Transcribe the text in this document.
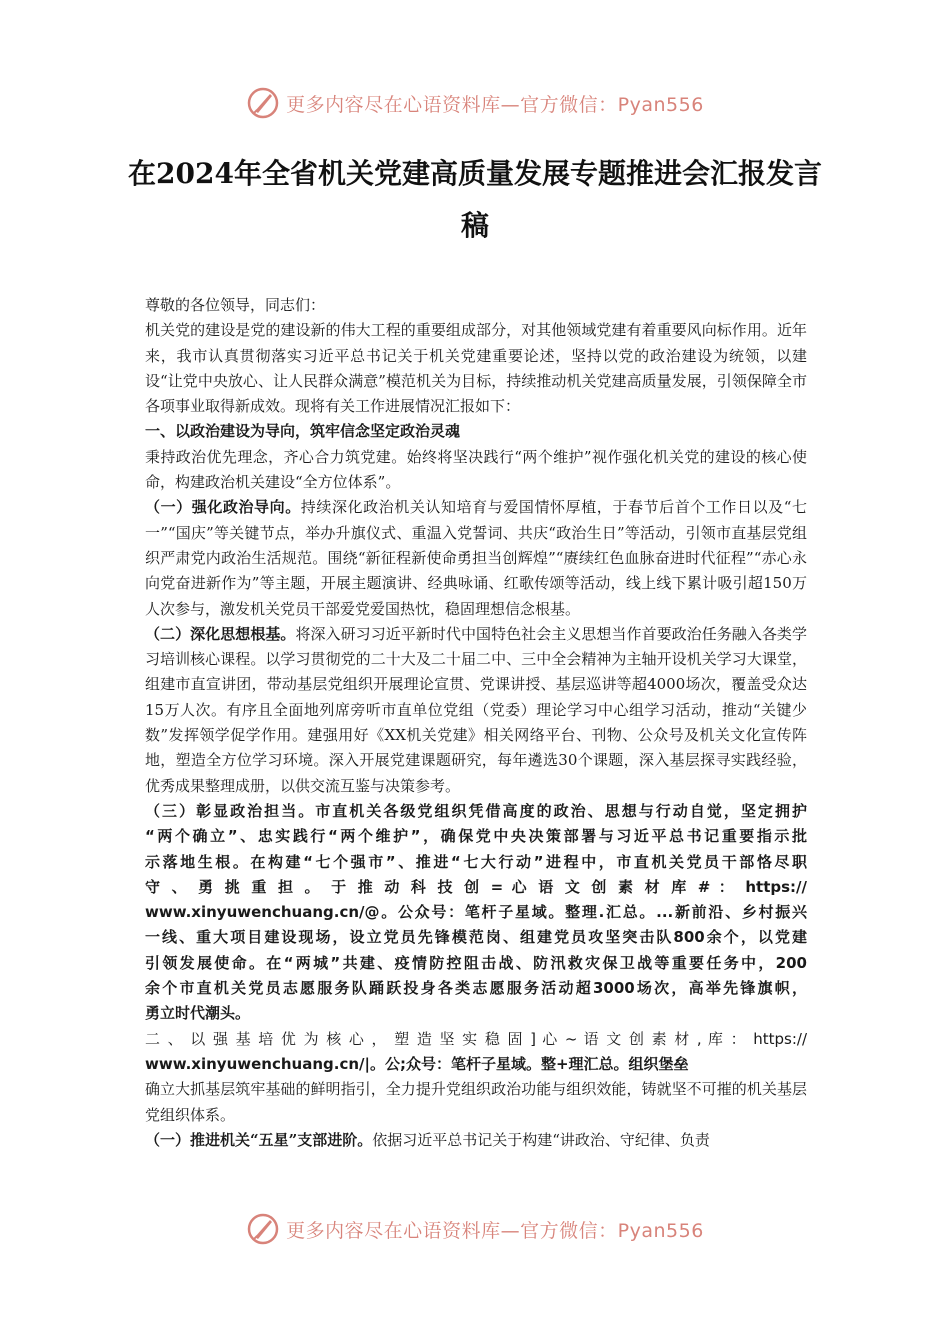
更多内容尽在心语资料库—官方微信：Pyan556
在2024年全省机关党建高质量发展专题推进会汇报发言稿

尊敬的各位领导，同志们：

机关党的建设是党的建设新的伟大工程的重要组成部分，对其他领域党建有着重要风向标作用。近年来，我市认真贯彻落实习近平总书记关于机关党建重要论述，坚持以党的政治建设为统领，以建设“让党中央放心、让人民群众满意”模范机关为目标，持续推动机关党建高质量发展，引领保障全市各项事业取得新成效。现将有关工作进展情况汇报如下：

一、以政治建设为导向，筑牢信念坚定政治灵魂

秉持政治优先理念，齐心合力筑党建。始终将坚决践行“两个维护”视作强化机关党的建设的核心使命，构建政治机关建设“全方位体系”。

（一）强化政治导向。持续深化政治机关认知培育与爱国情怀厚植，于春节后首个工作日以及“七一”“国庆”等关键节点，举办升旗仪式、重温入党誓词、共庆“政治生日”等活动，引领市直基层党组织严肃党内政治生活规范。围绕“新征程新使命勇担当创辉煌”“赓续红色血脉奋进时代征程”“赤心永向党奋进新作为”等主题，开展主题演讲、经典咏诵、红歌传颂等活动，线上线下累计吸引超150万人次参与，激发机关党员干部爱党爱国热忱，稳固理想信念根基。

（二）深化思想根基。将深入研习习近平新时代中国特色社会主义思想当作首要政治任务融入各类学习培训核心课程。以学习贯彻党的二十大及二十届二中、三中全会精神为主轴开设机关学习大课堂，组建市直宣讲团，带动基层党组织开展理论宣贯、党课讲授、基层巡讲等超4000场次，覆盖受众达15万人次。有序且全面地列席旁听市直单位党组（党委）理论学习中心组学习活动，推动“关键少数”发挥领学促学作用。建强用好《XX机关党建》相关网络平台、刊物、公众号及机关文化宣传阵地，塑造全方位学习环境。深入开展党建课题研究，每年遴选30个课题，深入基层探寻实践经验，优秀成果整理成册，以供交流互鉴与决策参考。

（三）彰显政治担当。市直机关各级党组织凭借高度的政治、思想与行动自觉，坚定拥护

“两个确立”、忠实践行“两个维护”，确保党中央决策部署与习近平总书记重要指示批

示落地生根。在构建“七个强市”、推进“七大行动”进程中，市直机关党员干部恪尽职

守 、 勇 挑 重 担 。 于 推 动 科 技 创 = 心 语 文 创 素 材 库 # ： https://

www.xinyuwenchuang.cn/@。公众号：笔杆子星域。整理.汇总。...新前沿、乡村振兴

一线、重大项目建设现场，设立党员先锋模范岗、组建党员攻坚突击队800余个，以党建

引领发展使命。在“两城”共建、疫情防控阻击战、防汛救灾保卫战等重要任务中，200

余个市直机关党员志愿服务队踊跃投身各类志愿服务活动超3000场次，高举先锋旗帜，

勇立时代潮头。

二 、 以 强 基 培 优 为 核 心 ， 塑 造 坚 实 稳 固 ] 心 ~ 语 文 创 素 材 , 库 ： https://

www.xinyuwenchuang.cn/|。公;众号：笔杆子星域。整+理汇总。组织堡垒

确立大抓基层筑牢基础的鲜明指引，全力提升党组织政治功能与组织效能，铸就坚不可摧的机关基层党组织体系。

（一）推进机关“五星”支部进阶。依据习近平总书记关于构建“讲政治、守纪律、负责

更多内容尽在心语资料库—官方微信：Pyan556
